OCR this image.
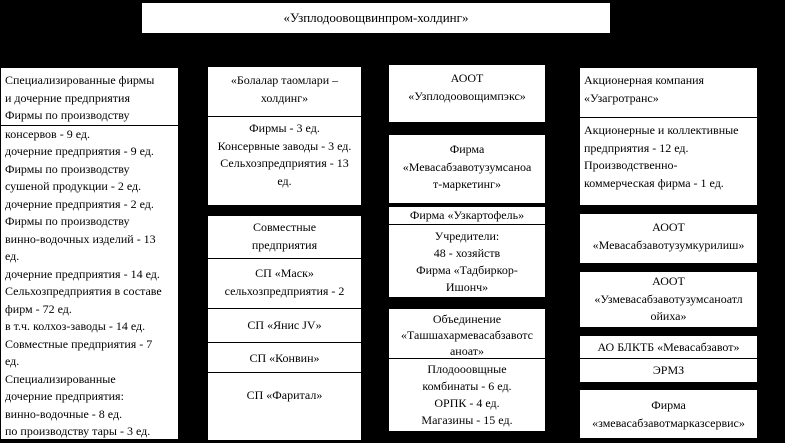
«Узплодоовощвинпром-холдинг»
Специализированные фирмы
и дочерние предприятия
Фирмы по производству
консервов - 9 ед.
дочерние предприятия - 9 ед.
Фирмы по производству
сушеной продукции - 2 ед.
дочерние предприятия - 2 ед.
Фирмы по производству
винно-водочных изделий - 13
ед.
дочерние предприятия - 14 ед.
Сельхозпредприятия в составе
фирм - 72 ед.
в т.ч. колхоз-заводы - 14 ед.
Совместные предприятия - 7
ед.
Специализированные
дочерние предприятия:
винно-водочные - 8 ед.
по производству тары - 3 ед.
«Болалар таомлари –
холдинг»
Фирмы - 3 ед.
Консервные заводы - 3 ед.
Сельхозпредприятия - 13
ед.
Совместные
предприятия
СП «Маск»
сельхозпредприятия - 2
СП «Янис JV»
СП «Конвин»
СП «Фаритал»
АООТ
«Узплодоовощимпэкс»
Фирма
«Мевасабзавотузумсаноа
т-маркетинг»
Фирма «Узкартофель»
Учредители:
48 - хозяйств
Фирма «Тадбиркор-
Ишонч»
Объединение
«Ташшахармевасабзавотс
аноат»
Плодооовщные
комбинаты - 6 ед.
ОРПК - 4 ед.
Магазины - 15 ед.
Акционерная компания
«Узагротранс»
Акционерные и коллективные
предприятия - 12 ед.
Производственно-
коммерческая фирма - 1 ед.
АООТ
«Мевасабзавотузумкурилиш»
АООТ
«Узмевасабзавотузумсаноатл
ойиха»
АО БЛКТБ «Мевасабзавот»
ЭРМЗ
Фирма
«змевасабзавотмарказсервис»
